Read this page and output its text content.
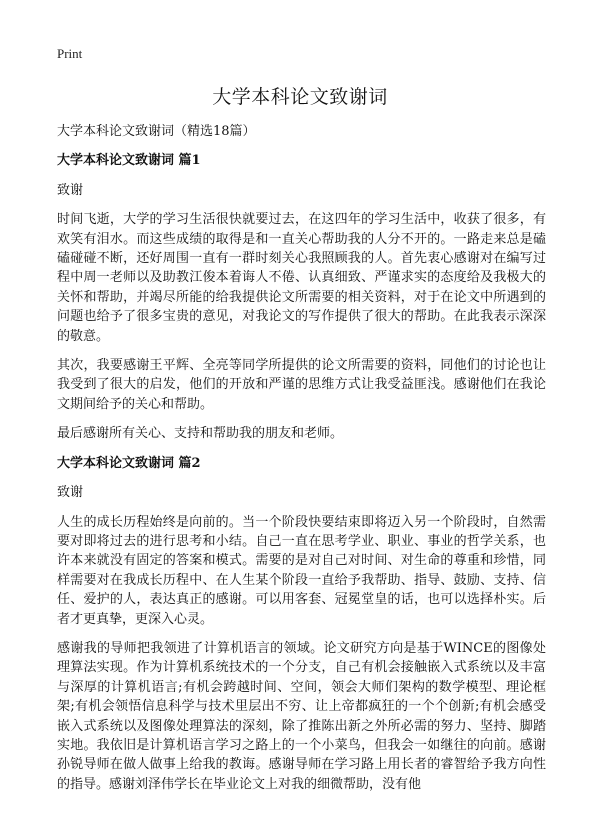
Print
大学本科论文致谢词

大学本科论文致谢词（精选18篇）

大学本科论文致谢词 篇1

致谢

时间飞逝，大学的学习生活很快就要过去，在这四年的学习生活中，收获了很多，有欢笑有泪水。而这些成绩的取得是和一直关心帮助我的人分不开的。一路走来总是磕磕碰碰不断，还好周围一直有一群时刻关心我照顾我的人。首先衷心感谢对在编写过程中周一老师以及助教江俊本着诲人不倦、认真细致、严谨求实的态度给及我极大的关怀和帮助，并竭尽所能的给我提供论文所需要的相关资料，对于在论文中所遇到的问题也给予了很多宝贵的意见，对我论文的写作提供了很大的帮助。在此我表示深深的敬意。

其次，我要感谢王平辉、全亮等同学所提供的论文所需要的资料，同他们的讨论也让我受到了很大的启发，他们的开放和严谨的思维方式让我受益匪浅。感谢他们在我论文期间给予的关心和帮助。

最后感谢所有关心、支持和帮助我的朋友和老师。

大学本科论文致谢词 篇2

致谢

人生的成长历程始终是向前的。当一个阶段快要结束即将迈入另一个阶段时，自然需要对即将过去的进行思考和小结。自己一直在思考学业、职业、事业的哲学关系，也许本来就没有固定的答案和模式。需要的是对自己对时间、对生命的尊重和珍惜，同样需要对在我成长历程中、在人生某个阶段一直给予我帮助、指导、鼓励、支持、信任、爱护的人，表达真正的感谢。可以用客套、冠冕堂皇的话，也可以选择朴实。后者才更真挚，更深入心灵。

感谢我的导师把我领进了计算机语言的领域。论文研究方向是基于WINCE的图像处理算法实现。作为计算机系统技术的一个分支，自己有机会接触嵌入式系统以及丰富与深厚的计算机语言;有机会跨越时间、空间，领会大师们架构的数学模型、理论框架;有机会领悟信息科学与技术里层出不穷、让上帝都疯狂的一个个创新;有机会感受嵌入式系统以及图像处理算法的深刻，除了推陈出新之外所必需的努力、坚持、脚踏实地。我依旧是计算机语言学习之路上的一个小菜鸟，但我会一如继往的向前。感谢孙锐导师在做人做事上给我的教诲。感谢导师在学习路上用长者的睿智给予我方向性的指导。感谢刘泽伟学长在毕业论文上对我的细微帮助，没有他
